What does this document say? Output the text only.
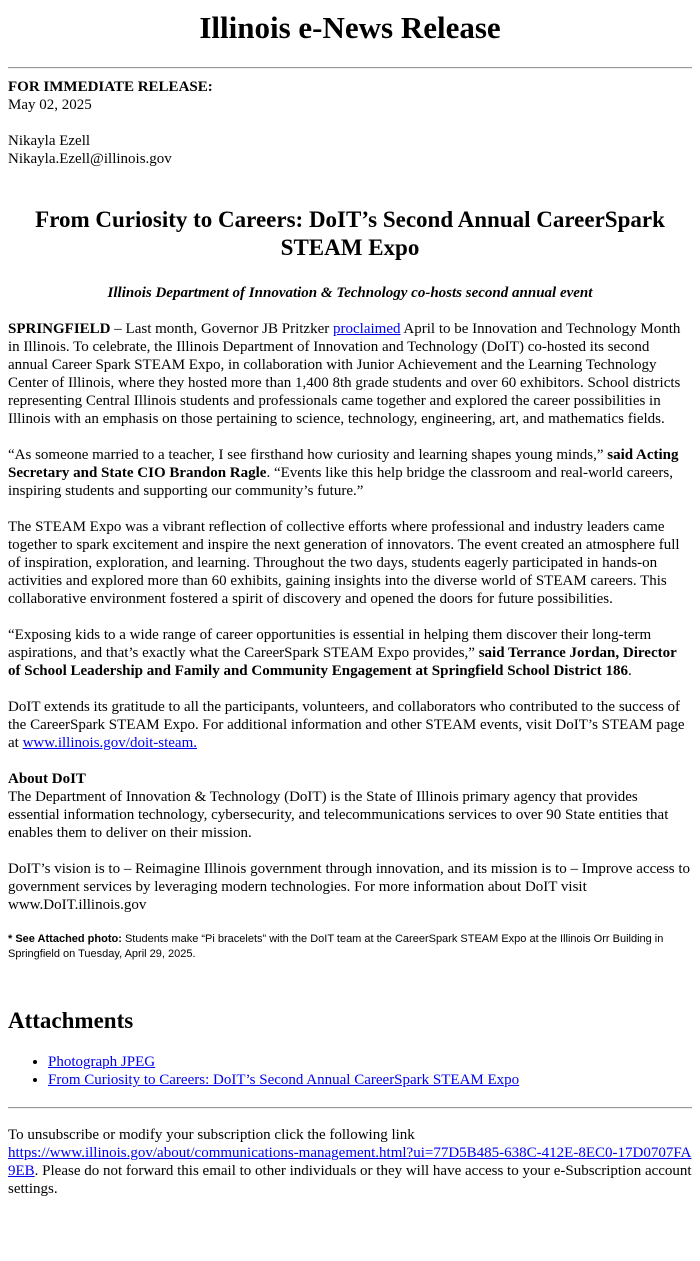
Illinois e-News Release

FOR IMMEDIATE RELEASE:

May 02, 2025

Nikayla Ezell

Nikayla.Ezell@illinois.gov

From Curiosity to Careers: DoIT’s Second Annual CareerSpark STEAM Expo

Illinois Department of Innovation & Technology co-hosts second annual event

SPRINGFIELD – Last month, Governor JB Pritzker proclaimed April to be Innovation and Technology Month in Illinois. To celebrate, the Illinois Department of Innovation and Technology (DoIT) co-hosted its second annual Career Spark STEAM Expo, in collaboration with Junior Achievement and the Learning Technology Center of Illinois, where they hosted more than 1,400 8th grade students and over 60 exhibitors. School districts representing Central Illinois students and professionals came together and explored the career possibilities in Illinois with an emphasis on those pertaining to science, technology, engineering, art, and mathematics fields.

“As someone married to a teacher, I see firsthand how curiosity and learning shapes young minds,” said Acting Secretary and State CIO Brandon Ragle. “Events like this help bridge the classroom and real-world careers, inspiring students and supporting our community’s future.”

The STEAM Expo was a vibrant reflection of collective efforts where professional and industry leaders came together to spark excitement and inspire the next generation of innovators. The event created an atmosphere full of inspiration, exploration, and learning. Throughout the two days, students eagerly participated in hands-on activities and explored more than 60 exhibits, gaining insights into the diverse world of STEAM careers. This collaborative environment fostered a spirit of discovery and opened the doors for future possibilities.

“Exposing kids to a wide range of career opportunities is essential in helping them discover their long-term aspirations, and that’s exactly what the CareerSpark STEAM Expo provides,” said Terrance Jordan, Director of School Leadership and Family and Community Engagement at Springfield School District 186.

DoIT extends its gratitude to all the participants, volunteers, and collaborators who contributed to the success of the CareerSpark STEAM Expo. For additional information and other STEAM events, visit DoIT’s STEAM page at www.illinois.gov/doit-steam.

About DoIT

The Department of Innovation & Technology (DoIT) is the State of Illinois primary agency that provides essential information technology, cybersecurity, and telecommunications services to over 90 State entities that enables them to deliver on their mission.

DoIT’s vision is to – Reimagine Illinois government through innovation, and its mission is to – Improve access to government services by leveraging modern technologies. For more information about DoIT visit www.DoIT.illinois.gov

* See Attached photo: Students make “Pi bracelets” with the DoIT team at the CareerSpark STEAM Expo at the Illinois Orr Building in Springfield on Tuesday, April 29, 2025.

Attachments
• Photograph JPEG
• From Curiosity to Careers: DoIT’s Second Annual CareerSpark STEAM Expo

To unsubscribe or modify your subscription click the following link
https://www.illinois.gov/about/communications-management.html?ui=77D5B485-638C-412E-8EC0-17D0707FA9EB. Please do not forward this email to other individuals or they will have access to your e-Subscription account settings.
